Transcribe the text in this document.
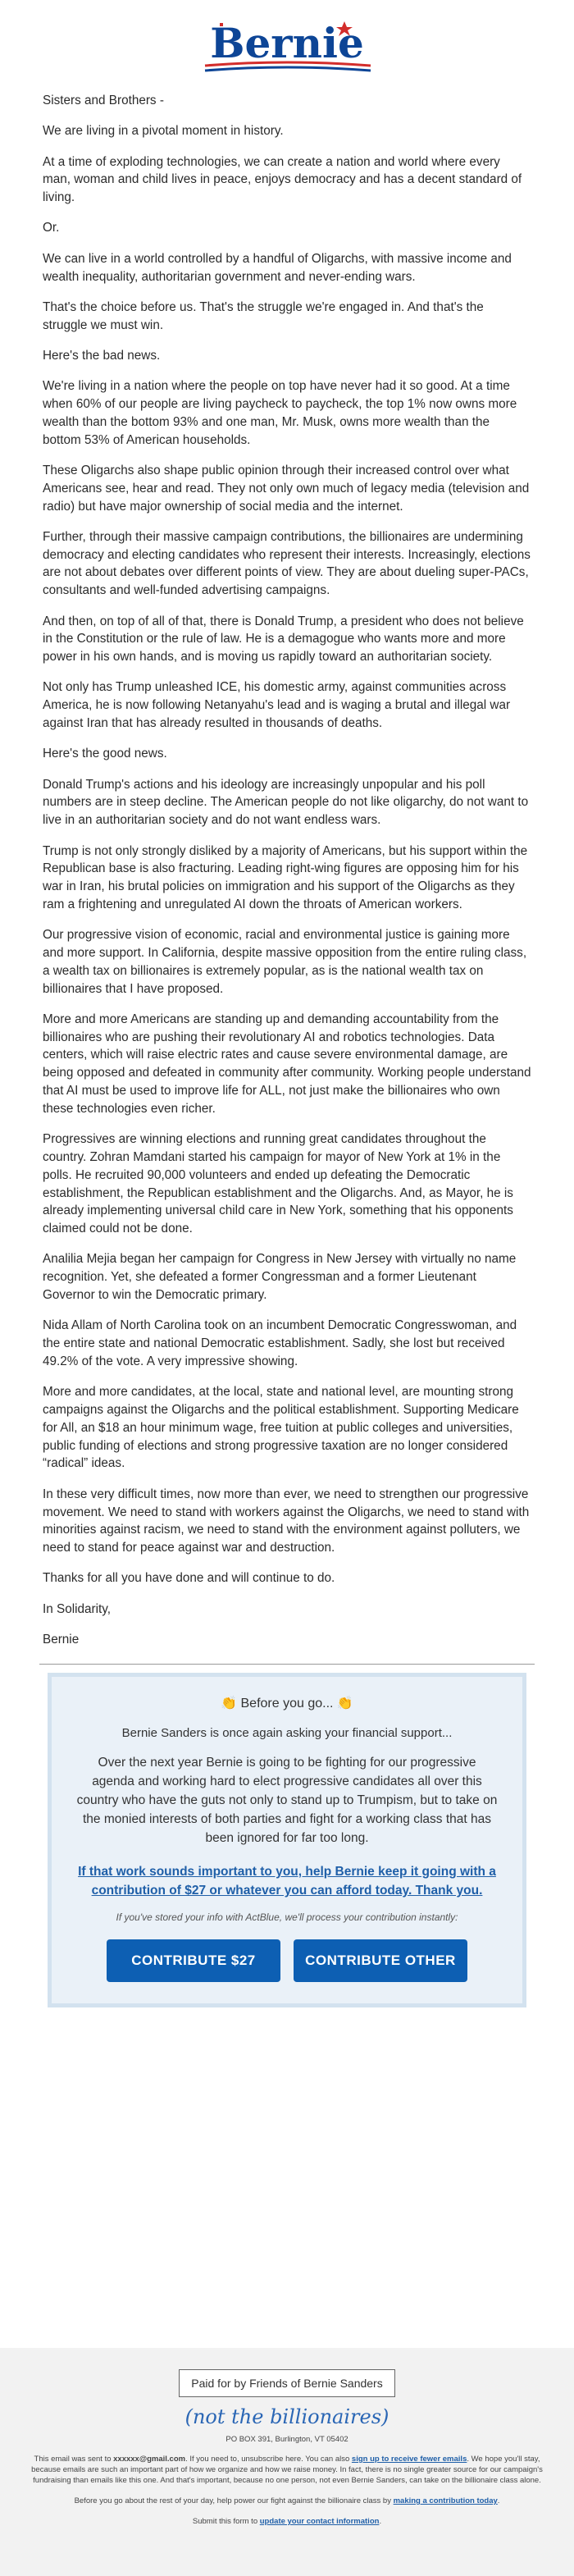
Bernie

Sisters and Brothers -

We are living in a pivotal moment in history.

At a time of exploding technologies, we can create a nation and world where every man, woman and child lives in peace, enjoys democracy and has a decent standard of living.

Or.

We can live in a world controlled by a handful of Oligarchs, with massive income and wealth inequality, authoritarian government and never-ending wars.

That's the choice before us. That's the struggle we're engaged in. And that's the struggle we must win.

Here's the bad news.

We're living in a nation where the people on top have never had it so good. At a time when 60% of our people are living paycheck to paycheck, the top 1% now owns more wealth than the bottom 93% and one man, Mr. Musk, owns more wealth than the bottom 53% of American households.

These Oligarchs also shape public opinion through their increased control over what Americans see, hear and read. They not only own much of legacy media (television and radio) but have major ownership of social media and the internet.

Further, through their massive campaign contributions, the billionaires are undermining democracy and electing candidates who represent their interests. Increasingly, elections are not about debates over different points of view. They are about dueling super-PACs, consultants and well-funded advertising campaigns.

And then, on top of all of that, there is Donald Trump, a president who does not believe in the Constitution or the rule of law. He is a demagogue who wants more and more power in his own hands, and is moving us rapidly toward an authoritarian society.

Not only has Trump unleashed ICE, his domestic army, against communities across America, he is now following Netanyahu's lead and is waging a brutal and illegal war against Iran that has already resulted in thousands of deaths.

Here's the good news.

Donald Trump's actions and his ideology are increasingly unpopular and his poll numbers are in steep decline. The American people do not like oligarchy, do not want to live in an authoritarian society and do not want endless wars.

Trump is not only strongly disliked by a majority of Americans, but his support within the Republican base is also fracturing. Leading right-wing figures are opposing him for his war in Iran, his brutal policies on immigration and his support of the Oligarchs as they ram a frightening and unregulated AI down the throats of American workers.

Our progressive vision of economic, racial and environmental justice is gaining more and more support. In California, despite massive opposition from the entire ruling class, a wealth tax on billionaires is extremely popular, as is the national wealth tax on billionaires that I have proposed.

More and more Americans are standing up and demanding accountability from the billionaires who are pushing their revolutionary AI and robotics technologies. Data centers, which will raise electric rates and cause severe environmental damage, are being opposed and defeated in community after community. Working people understand that AI must be used to improve life for ALL, not just make the billionaires who own these technologies even richer.

Progressives are winning elections and running great candidates throughout the country. Zohran Mamdani started his campaign for mayor of New York at 1% in the polls. He recruited 90,000 volunteers and ended up defeating the Democratic establishment, the Republican establishment and the Oligarchs. And, as Mayor, he is already implementing universal child care in New York, something that his opponents claimed could not be done.

Analilia Mejia began her campaign for Congress in New Jersey with virtually no name recognition. Yet, she defeated a former Congressman and a former Lieutenant Governor to win the Democratic primary.

Nida Allam of North Carolina took on an incumbent Democratic Congresswoman, and the entire state and national Democratic establishment. Sadly, she lost but received 49.2% of the vote. A very impressive showing.

More and more candidates, at the local, state and national level, are mounting strong campaigns against the Oligarchs and the political establishment. Supporting Medicare for All, an $18 an hour minimum wage, free tuition at public colleges and universities, public funding of elections and strong progressive taxation are no longer considered “radical” ideas.

In these very difficult times, now more than ever, we need to strengthen our progressive movement. We need to stand with workers against the Oligarchs, we need to stand with minorities against racism, we need to stand with the environment against polluters, we need to stand for peace against war and destruction.

Thanks for all you have done and will continue to do.

In Solidarity,

Bernie

👏 Before you go... 👏
Bernie Sanders is once again asking your financial support...
Over the next year Bernie is going to be fighting for our progressive agenda and working hard to elect progressive candidates all over this country who have the guts not only to stand up to Trumpism, but to take on the monied interests of both parties and fight for a working class that has been ignored for far too long.
If that work sounds important to you, help Bernie keep it going with a contribution of $27 or whatever you can afford today. Thank you.
If you've stored your info with ActBlue, we'll process your contribution instantly:
CONTRIBUTE $27	CONTRIBUTE OTHER
Paid for by Friends of Bernie Sanders
(not the billionaires)
PO BOX 391, Burlington, VT 05402
This email was sent to xxxxxx@gmail.com. If you need to, unsubscribe here. You can also sign up to receive fewer emails. We hope you'll stay, because emails are such an important part of how we organize and how we raise money. In fact, there is no single greater source for our campaign's fundraising than emails like this one. And that's important, because no one person, not even Bernie Sanders, can take on the billionaire class alone.
Before you go about the rest of your day, help power our fight against the billionaire class by making a contribution today.
Submit this form to update your contact information.
